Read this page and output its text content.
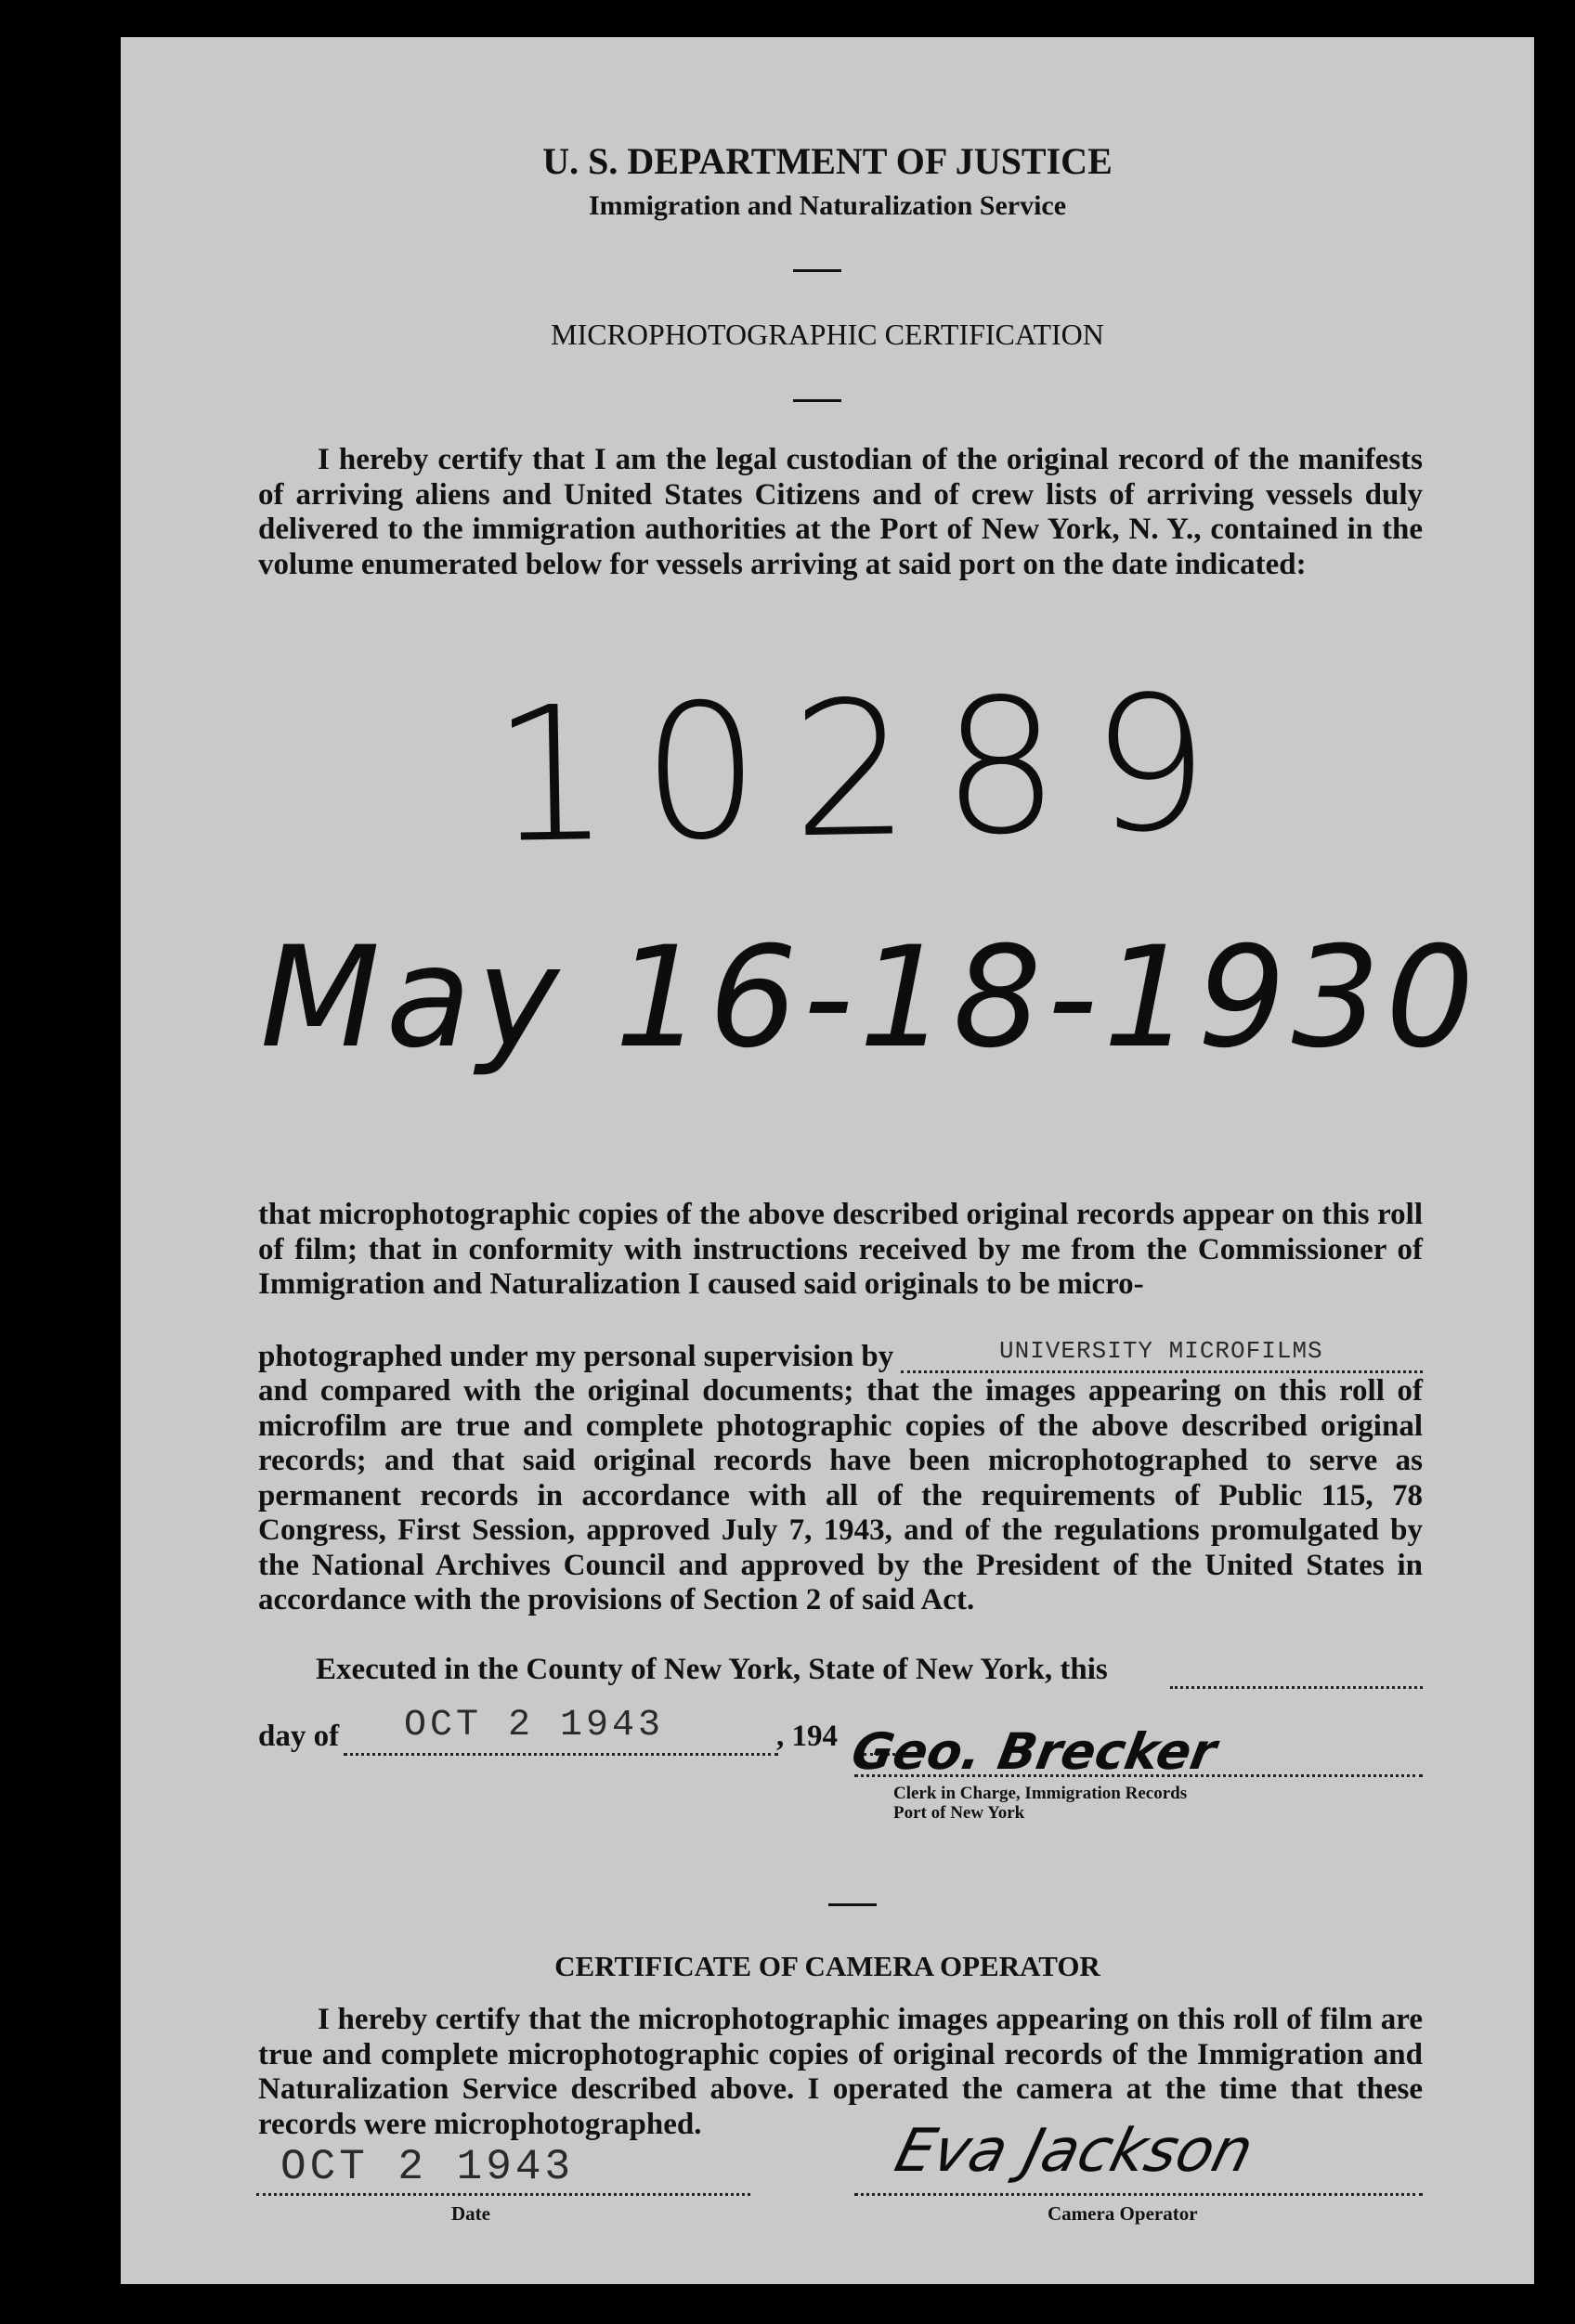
U. S. DEPARTMENT OF JUSTICE
Immigration and Naturalization Service
MICROPHOTOGRAPHIC CERTIFICATION
I hereby certify that I am the legal custodian of the original record of the manifests of arriving aliens and United States Citizens and of crew lists of arriving vessels duly delivered to the immigration authorities at the Port of New York, N. Y., contained in the volume enumerated below for vessels arriving at said port on the date indicated:
10289
May 16-18-1930
that microphotographic copies of the above described original records appear on this roll of film; that in conformity with instructions received by me from the Commissioner of Immigration and Naturalization I caused said originals to be micro-
photographed under my personal supervision by	UNIVERSITY MICROFILMS
and compared with the original documents; that the images appearing on this roll of microfilm are true and complete photographic copies of the above described original records; and that said original records have been microphotographed to serve as permanent records in accordance with all of the requirements of Public 115, 78 Congress, First Session, approved July 7, 1943, and of the regulations promulgated by the National Archives Council and approved by the President of the United States in accordance with the provisions of Section 2 of said Act.
Executed in the County of New York, State of New York, this
day of OCT 2 1943	, 194 Geo. Brecker
Clerk in Charge, Immigration Records
Port of New York
CERTIFICATE OF CAMERA OPERATOR
I hereby certify that the microphotographic images appearing on this roll of film are true and complete microphotographic copies of original records of the Immigration and Naturalization Service described above. I operated the camera at the time that these records were microphotographed.
OCT 2 1943
Date
Eva Jackson
Camera Operator
